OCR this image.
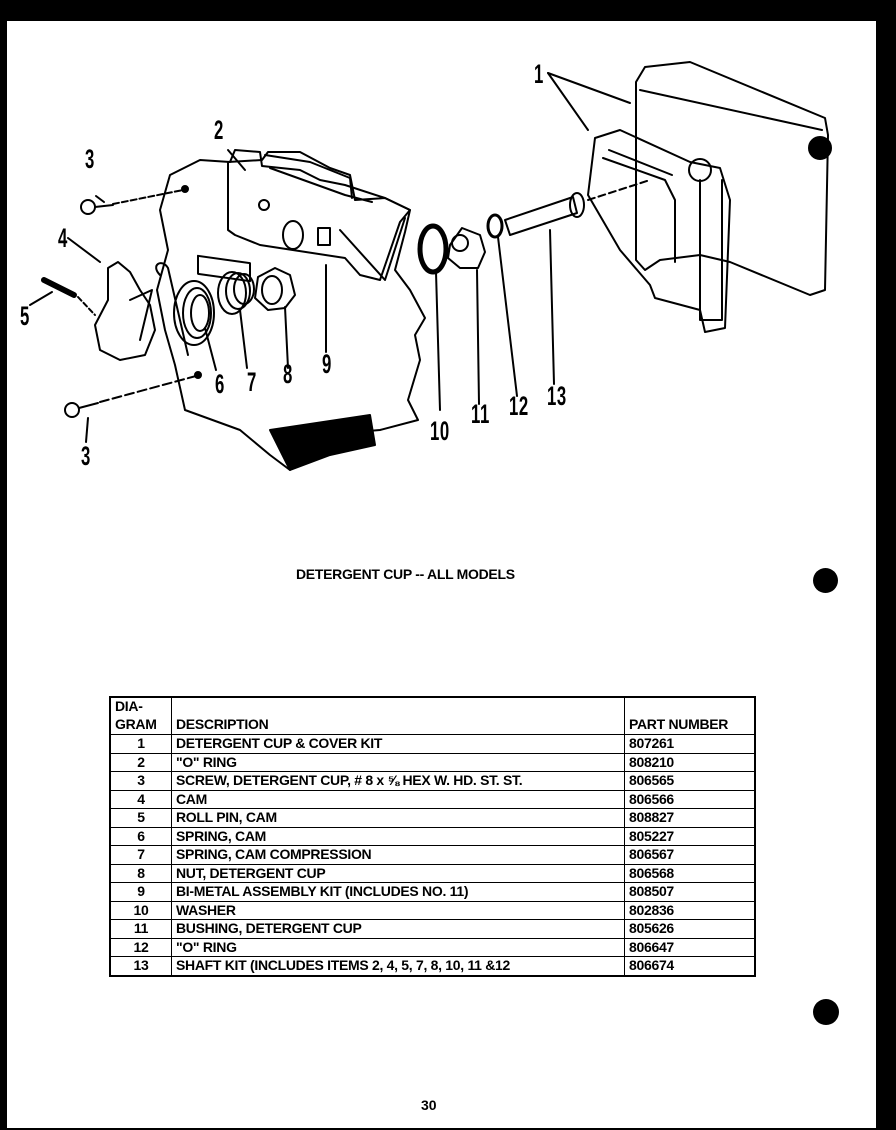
1
2
3
3
4
5
6 7 8 9
10
11 12 13
DETERGENT CUP -- ALL MODELS
DIA-
GRAM	DESCRIPTION	PART NUMBER
1	DETERGENT CUP & COVER KIT	807261
2	"O" RING	808210
3	SCREW, DETERGENT CUP, # 8 x ⅝ HEX W. HD. ST. ST.	806565
4	CAM	806566
5	ROLL PIN, CAM	808827
6	SPRING, CAM	805227
7	SPRING, CAM COMPRESSION	806567
8	NUT, DETERGENT CUP	806568
9	BI-METAL ASSEMBLY KIT (INCLUDES NO. 11)	808507
10	WASHER	802836
11	BUSHING, DETERGENT CUP	805626
12	"O" RING	806647
13	SHAFT KIT (INCLUDES ITEMS 2, 4, 5, 7, 8, 10, 11 &12	806674
30
